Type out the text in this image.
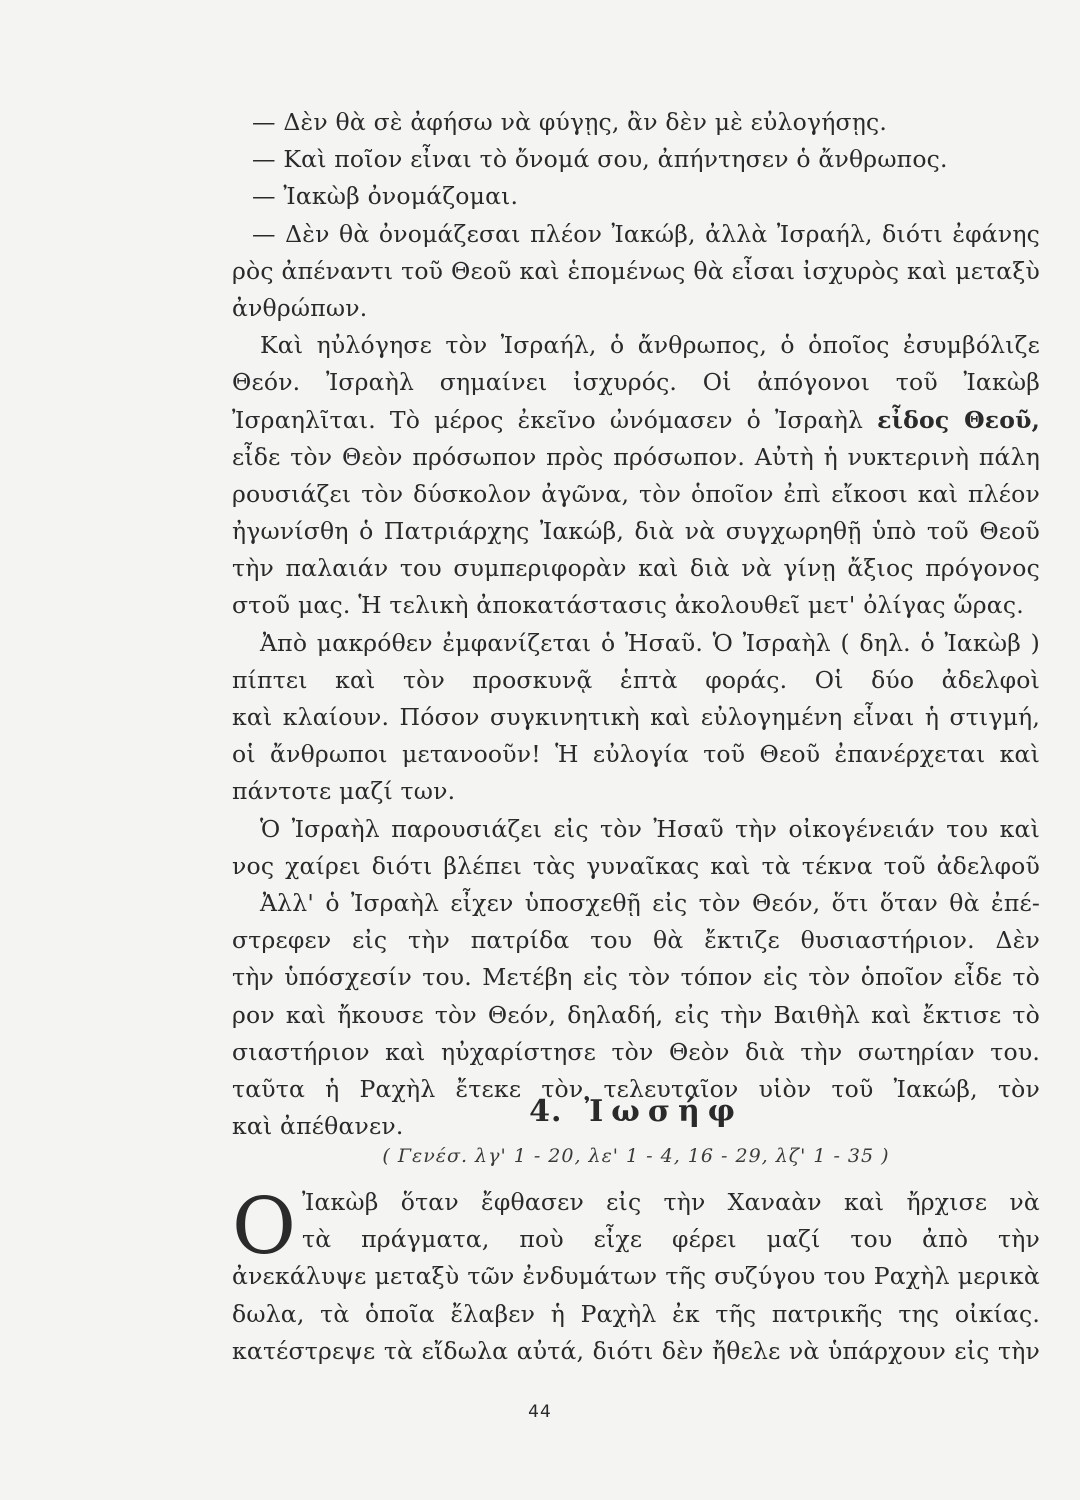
— Δὲν θὰ σὲ ἀφήσω νὰ φύγῃς, ἂν δὲν μὲ εὐλογήσῃς.
— Καὶ ποῖον εἶναι τὸ ὄνομά σου, ἀπήντησεν ὁ ἄνθρωπος.
— Ἰακὼβ ὀνομάζομαι.
— Δὲν θὰ ὀνομάζεσαι πλέον Ἰακώβ, ἀλλὰ Ἰσραήλ, διότι ἐφάνης
ρὸς ἀπέναντι τοῦ Θεοῦ καὶ ἑπομένως θὰ εἶσαι ἰσχυρὸς καὶ μεταξὺ
ἀνθρώπων.
Καὶ ηὐλόγησε τὸν Ἰσραήλ, ὁ ἄνθρωπος, ὁ ὁποῖος ἐσυμβόλιζε
Θεόν. Ἰσραὴλ σημαίνει ἰσχυρός. Οἱ ἀπόγονοι τοῦ Ἰακὼβ
Ἰσραηλῖται. Τὸ μέρος ἐκεῖνο ὠνόμασεν ὁ Ἰσραὴλ εἶδος Θεοῦ,
εἶδε τὸν Θεὸν πρόσωπον πρὸς πρόσωπον. Αὐτὴ ἡ νυκτερινὴ πάλη
ρουσιάζει τὸν δύσκολον ἀγῶνα, τὸν ὁποῖον ἐπὶ εἴκοσι καὶ πλέον
ἠγωνίσθη ὁ Πατριάρχης Ἰακώβ, διὰ νὰ συγχωρηθῇ ὑπὸ τοῦ Θεοῦ
τὴν παλαιάν του συμπεριφορὰν καὶ διὰ νὰ γίνῃ ἄξιος πρόγονος
στοῦ μας. Ἡ τελικὴ ἀποκατάστασις ἀκολουθεῖ μετ' ὀλίγας ὥρας.
Ἀπὸ μακρόθεν ἐμφανίζεται ὁ Ἠσαῦ. Ὁ Ἰσραὴλ ( δηλ. ὁ Ἰακὼβ )
πίπτει καὶ τὸν προσκυνᾷ ἑπτὰ φοράς. Οἱ δύο ἀδελφοὶ
καὶ κλαίουν. Πόσον συγκινητικὴ καὶ εὐλογημένη εἶναι ἡ στιγμή,
οἱ ἄνθρωποι μετανοοῦν! Ἡ εὐλογία τοῦ Θεοῦ ἐπανέρχεται καὶ
πάντοτε μαζί των.
Ὁ Ἰσραὴλ παρουσιάζει εἰς τὸν Ἠσαῦ τὴν οἰκογένειάν του καὶ
νος χαίρει διότι βλέπει τὰς γυναῖκας καὶ τὰ τέκνα τοῦ ἀδελφοῦ
Ἀλλ' ὁ Ἰσραὴλ εἶχεν ὑποσχεθῇ εἰς τὸν Θεόν, ὅτι ὅταν θὰ ἐπέ-
στρεφεν εἰς τὴν πατρίδα του θὰ ἔκτιζε θυσιαστήριον. Δὲν
τὴν ὑπόσχεσίν του. Μετέβη εἰς τὸν τόπον εἰς τὸν ὁποῖον εἶδε τὸ
ρον καὶ ἤκουσε τὸν Θεόν, δηλαδή, εἰς τὴν Βαιθὴλ καὶ ἔκτισε τὸ
σιαστήριον καὶ ηὐχαρίστησε τὸν Θεὸν διὰ τὴν σωτηρίαν του.
ταῦτα ἡ Ραχὴλ ἔτεκε τὸν τελευταῖον υἱὸν τοῦ Ἰακώβ, τὸν
καὶ ἀπέθανεν.	4. Ἰωσήφ
( Γενέσ. λγ' 1 - 20, λε' 1 - 4, 16 - 29, λζ' 1 - 35 )
Ο Ἰακὼβ ὅταν ἔφθασεν εἰς τὴν Χαναὰν καὶ ἤρχισε νὰ
τὰ πράγματα, ποὺ εἶχε φέρει μαζί του ἀπὸ τὴν
ἀνεκάλυψε μεταξὺ τῶν ἐνδυμάτων τῆς συζύγου του Ραχὴλ μερικὰ
δωλα, τὰ ὁποῖα ἔλαβεν ἡ Ραχὴλ ἐκ τῆς πατρικῆς της οἰκίας.
κατέστρεψε τὰ εἴδωλα αὐτά, διότι δὲν ἤθελε νὰ ὑπάρχουν εἰς τὴν
44
